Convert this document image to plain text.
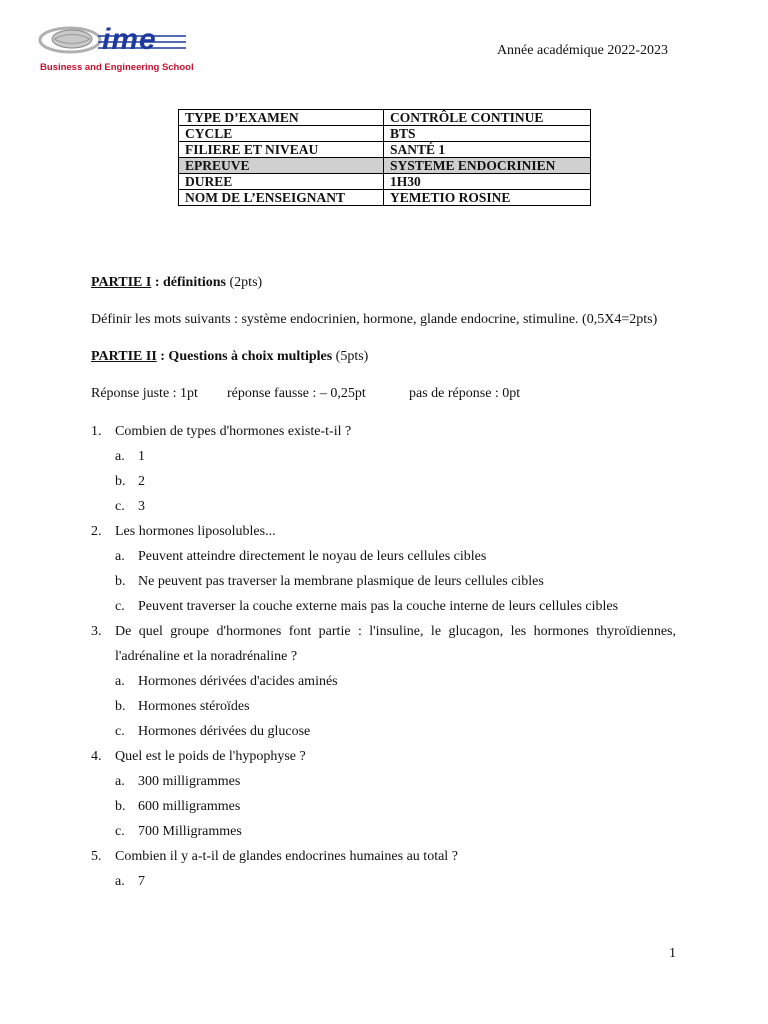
ime
Business and Engineering School
Année académique 2022-2023
TYPE D’EXAMEN	CONTRÔLE CONTINUE
CYCLE	BTS
FILIERE ET NIVEAU	SANTÉ 1
EPREUVE	SYSTEME ENDOCRINIEN
DUREE	1H30
NOM DE L’ENSEIGNANT	YEMETIO ROSINE
PARTIE I : définitions (2pts)

Définir les mots suivants : système endocrinien, hormone, glande endocrine, stimuline. (0,5X4=2pts)

PARTIE II : Questions à choix multiples (5pts)
Réponse juste : 1pt réponse fausse : – 0,25pt	pas de réponse : 0pt
1. Combien de types d'hormones existe-t-il ?
a. 1
b. 2
c. 3
2. Les hormones liposolubles...
a. Peuvent atteindre directement le noyau de leurs cellules cibles
b. Ne peuvent pas traverser la membrane plasmique de leurs cellules cibles
c. Peuvent traverser la couche externe mais pas la couche interne de leurs cellules cibles
3. De quel groupe d'hormones font partie : l'insuline, le glucagon, les hormones thyroïdiennes, l'adrénaline et la noradrénaline ?
a. Hormones dérivées d'acides aminés
b. Hormones stéroïdes
c. Hormones dérivées du glucose
4. Quel est le poids de l'hypophyse ?
a. 300 milligrammes
b. 600 milligrammes
c. 700 Milligrammes
5. Combien il y a-t-il de glandes endocrines humaines au total ?
a. 7
1
